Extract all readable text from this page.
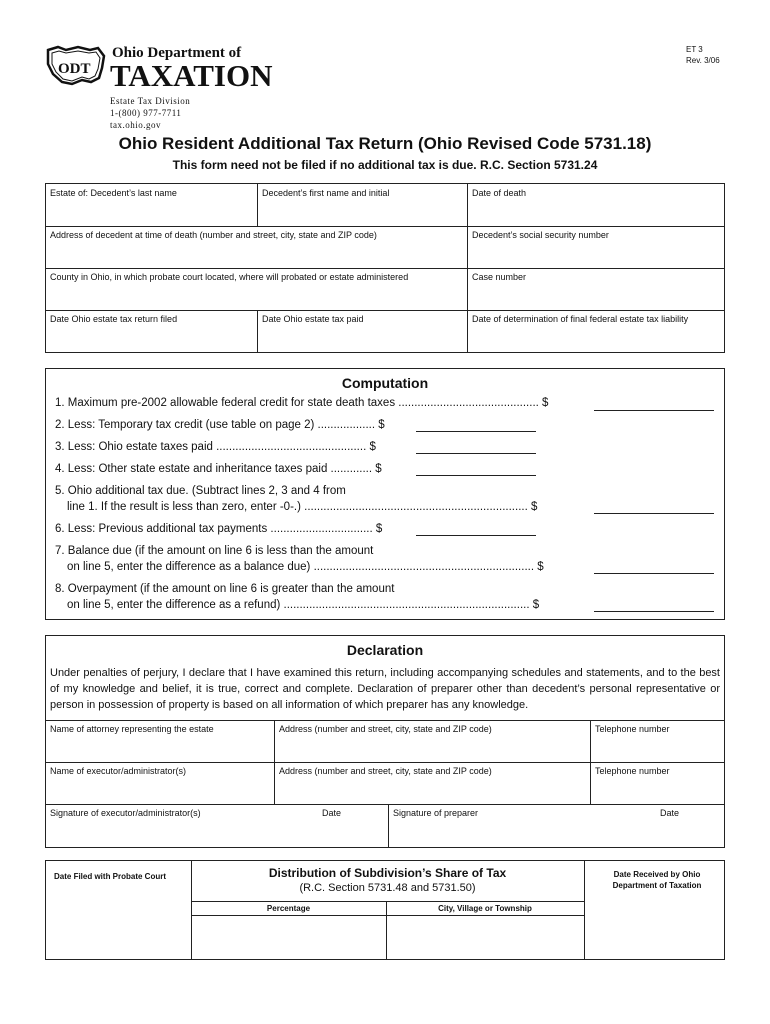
ET 3
Rev. 3/06
ODT
Ohio Department of
TAXATION
Estate Tax Division
1-(800) 977-7711
tax.ohio.gov
Ohio Resident Additional Tax Return (Ohio Revised Code 5731.18)
This form need not be filed if no additional tax is due. R.C. Section 5731.24
Estate of: Decedent’s last name	Decedent’s first name and initial	Date of death
Address of decedent at time of death (number and street, city, state and ZIP code)	Decedent’s social security number
County in Ohio, in which probate court located, where will probated or estate administered	Case number
Date Ohio estate tax return filed	Date Ohio estate tax paid	Date of determination of final federal estate tax liability
Computation
1. Maximum pre-2002 allowable federal credit for state death taxes ............................................ $
2. Less: Temporary tax credit (use table on page 2) .................. $
3. Less: Ohio estate taxes paid ............................................... $
4. Less: Other state estate and inheritance taxes paid ............. $
5. Ohio additional tax due. (Subtract lines 2, 3 and 4 from
line 1. If the result is less than zero, enter -0-.) ...................................................................... $
6. Less: Previous additional tax payments ................................ $
7. Balance due (if the amount on line 6 is less than the amount
on line 5, enter the difference as a balance due) ..................................................................... $
8. Overpayment (if the amount on line 6 is greater than the amount
on line 5, enter the difference as a refund) ............................................................................. $
Declaration
Name of attorney representing the estate	Address (number and street, city, state and ZIP code)	Telephone number
Name of executor/administrator(s)	Address (number and street, city, state and ZIP code)	Telephone number
Signature of executor/administrator(s)	Date	Signature of preparer	Date
Under penalties of perjury, I declare that I have examined this return, including accompanying schedules and statements, and to the best of my knowledge and belief, it is true, correct and complete. Declaration of preparer other than decedent’s personal representative or person in possession of property is based on all information of which preparer has any knowledge.
Date Filed with Probate Court	Distribution of Subdivision’s Share of Tax
(R.C. Section 5731.48 and 5731.50)
Percentage	City, Village or Township
Date Received by Ohio Department of Taxation
